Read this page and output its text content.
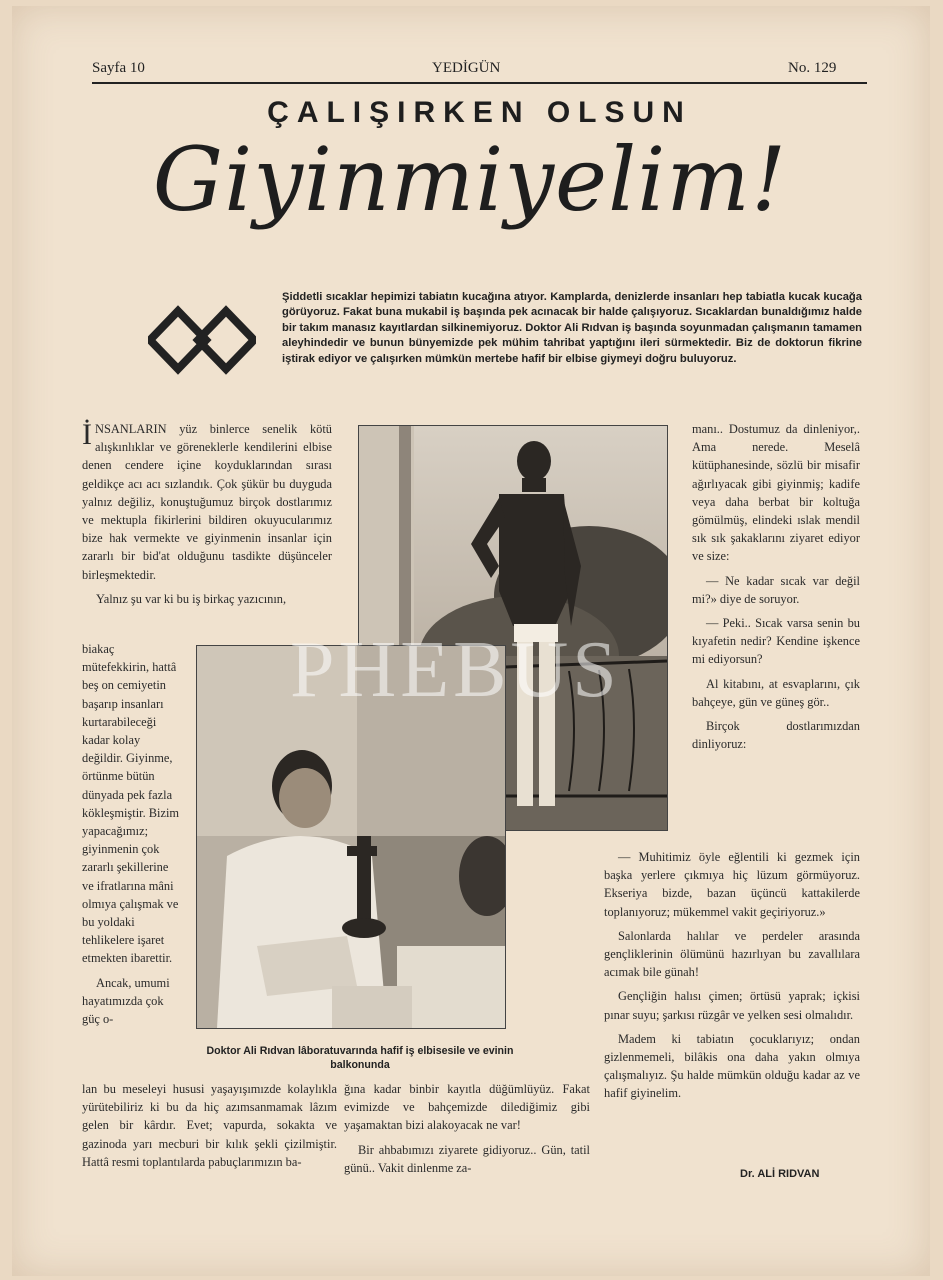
Sayfa 10	YEDİGÜN	No. 129
ÇALIŞIRKEN OLSUN
Giyinmiyelim!
Şiddetli sıcaklar hepimizi tabiatın kucağına atıyor. Kamplarda, denizlerde insanları hep tabiatla kucak kucağa görüyoruz. Fakat buna mukabil iş başında pek acınacak bir halde çalışıyoruz. Sıcaklardan bunaldığımız halde bir takım manasız kayıtlardan silkinemiyoruz. Doktor Ali Rıdvan iş başında soyunmadan çalışmanın tamamen aleyhindedir ve bunun bünyemizde pek mühim tahribat yaptığını ileri sürmektedir. Biz de doktorun fikrine iştirak ediyor ve çalışırken mümkün mertebe hafif bir elbise giymeyi doğru buluyoruz.

İNSANLARIN yüz binlerce senelik kötü alışkınlıklar ve göreneklerle kendilerini elbise denen cendere içine koyduklarından sırası geldikçe acı acı sızlandık. Çok şükür bu duyguda yalnız değiliz, konuştuğumuz birçok dostlarımız ve mektupla fikirlerini bildiren okuyucularımız bize hak vermekte ve giyinmenin insanlar için zararlı bir bid'at olduğunu tasdikte düşünceler birleşmektedir.

Yalnız şu var ki bu iş birkaç yazıcının,

biakaç mütefekkirin, hattâ beş on cemiyetin başarıp insanları kurtarabileceği kadar kolay değildir. Giyinme, örtünme bütün dünyada pek fazla kökleşmiştir. Bizim yapacağımız; giyinmenin çok zararlı şekillerine ve ifratlarına mâni olmıya çalışmak ve bu yoldaki tehlikelere işaret etmekten ibarettir.

Ancak, umumi hayatımızda çok güç o-

lan bu meseleyi hususi yaşayışımızde kolaylıkla yürütebiliriz ki bu da hiç azımsanmamak lâzım gelen bir kârdır. Evet; vapurda, sokakta ve gazinoda yarı mecburi bir kılık şekli çizilmiştir. Hattâ resmi toplantılarda pabuçlarımızın ba-

ğına kadar binbir kayıtla düğümlüyüz. Fakat evimizde ve bahçemizde dilediğimiz gibi yaşamaktan bizi alakoyacak ne var!

Bir ahbabımızı ziyarete gidiyoruz.. Gün, tatil günü.. Vakit dinlenme za-

manı.. Dostumuz da dinleniyor,. Ama nerede. Meselâ kütüphanesinde, sözlü bir misafir ağırlıyacak gibi giyinmiş; kadife veya daha berbat bir koltuğa gömülmüş, elindeki ıslak mendil sık sık şakaklarını ziyaret ediyor ve size:

— Ne kadar sıcak var değil mi?» diye de soruyor.

— Peki.. Sıcak varsa senin bu kıyafetin nedir? Kendine işkence mi ediyorsun?

Al kitabını, at esvaplarını, çık bahçeye, gün ve güneş gör..

Birçok dostlarımızdan dinliyoruz:

— Muhitimiz öyle eğlentili ki gezmek için başka yerlere çıkmıya hiç lüzum görmüyoruz. Ekseriya bizde, bazan üçüncü kattakilerde toplanıyoruz; mükemmel vakit geçiriyoruz.»

Salonlarda halılar ve perdeler arasında gençliklerinin ölümünü hazırlıyan bu zavallılara acımak bile günah!

Gençliğin halısı çimen; örtüsü yaprak; içkisi pınar suyu; şarkısı rüzgâr ve yelken sesi olmalıdır.

Madem ki tabiatın çocuklarıyız; ondan gizlenmemeli, bilâkis ona daha yakın olmıya çalışmalıyız. Şu halde mümkün olduğu kadar az ve hafif giyinelim.

PHEBUS
Doktor Ali Rıdvan lâboratuvarında hafif iş elbisesile ve evinin balkonunda
Dr. ALİ RIDVAN
